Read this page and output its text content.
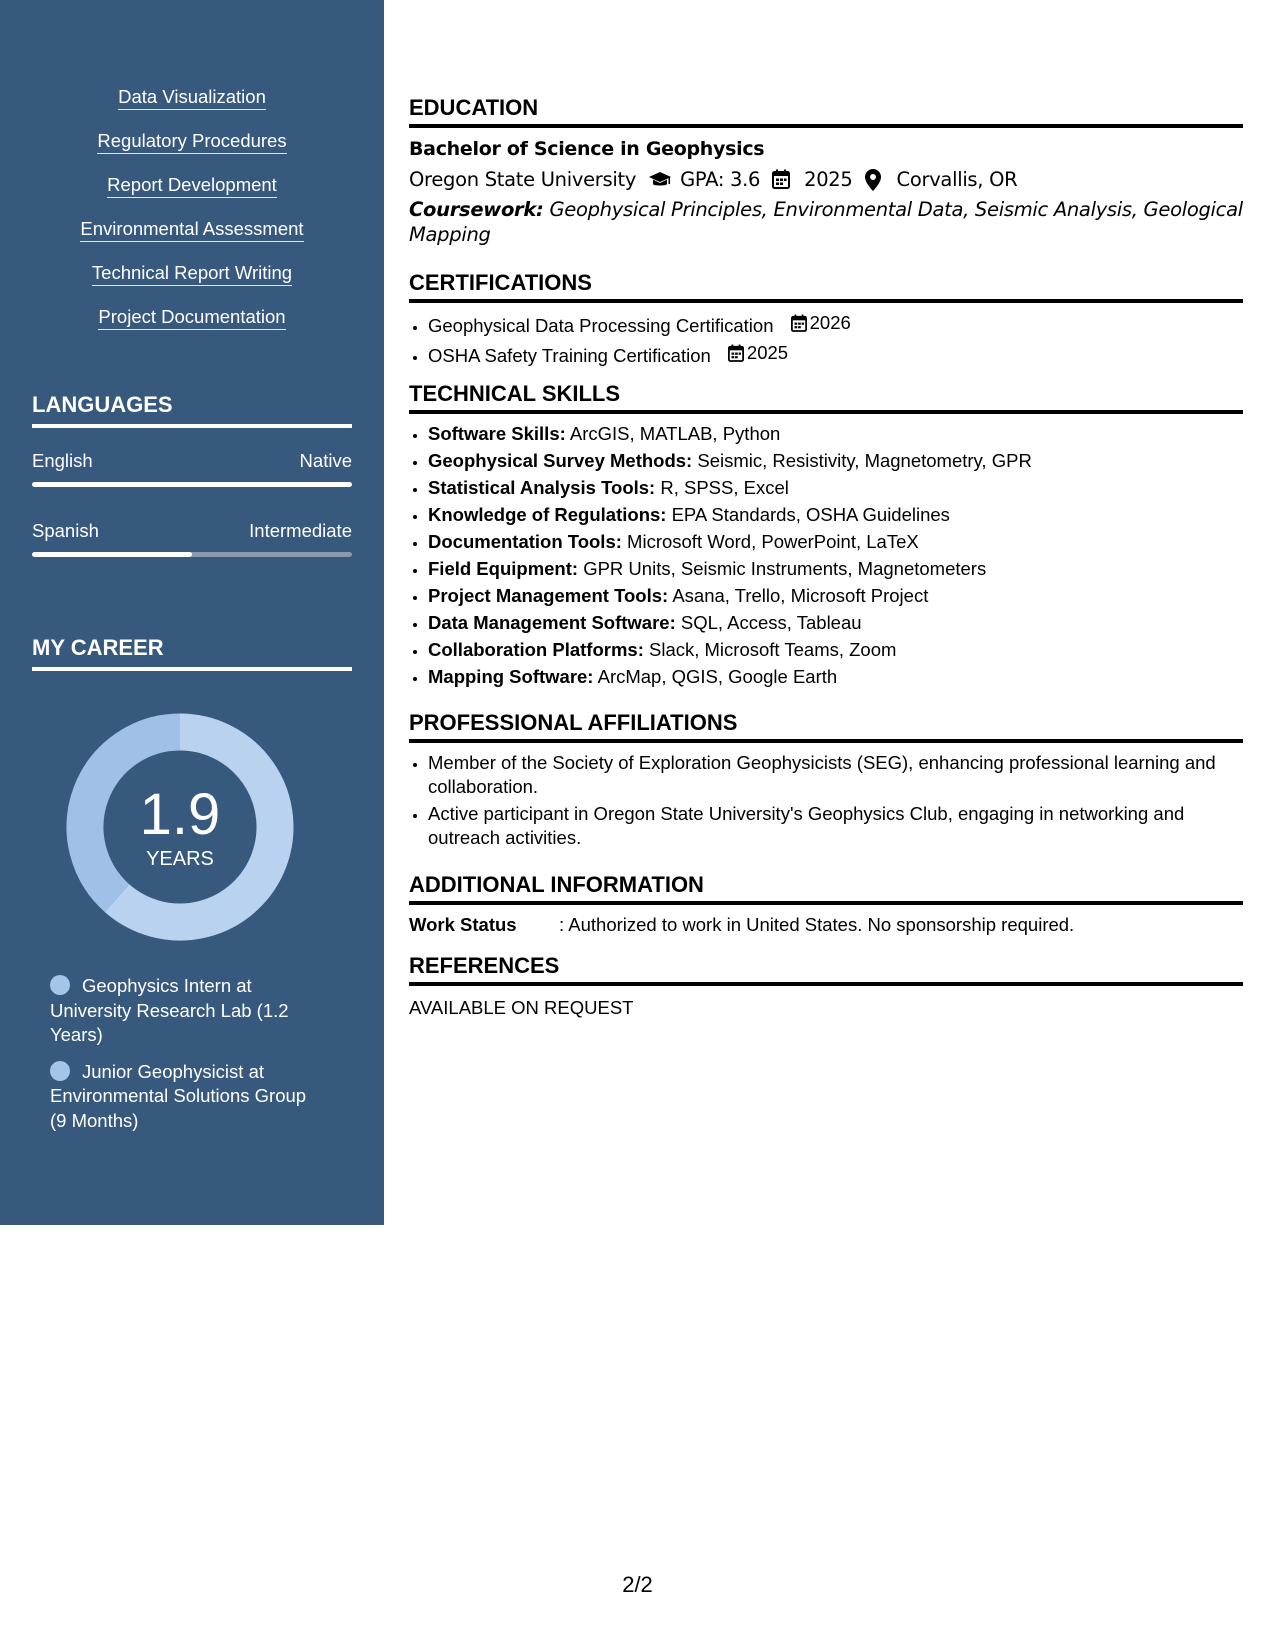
Data Visualization
Regulatory Procedures
Report Development
Environmental Assessment
Technical Report Writing
Project Documentation
LANGUAGES
English	Native
Spanish	Intermediate
MY CAREER
1.9
YEARS
Geophysics Intern at University Research Lab (1.2 Years)
Junior Geophysicist at Environmental Solutions Group (9 Months)
EDUCATION
Bachelor of Science in Geophysics
Oregon State University GPA: 3.6 2025 Corvallis, OR
Coursework: Geophysical Principles, Environmental Data, Seismic Analysis, Geological Mapping
CERTIFICATIONS
• Geophysical Data Processing Certification 2026
• OSHA Safety Training Certification 2025
TECHNICAL SKILLS
• Software Skills: ArcGIS, MATLAB, Python
• Geophysical Survey Methods: Seismic, Resistivity, Magnetometry, GPR
• Statistical Analysis Tools: R, SPSS, Excel
• Knowledge of Regulations: EPA Standards, OSHA Guidelines
• Documentation Tools: Microsoft Word, PowerPoint, LaTeX
• Field Equipment: GPR Units, Seismic Instruments, Magnetometers
• Project Management Tools: Asana, Trello, Microsoft Project
• Data Management Software: SQL, Access, Tableau
• Collaboration Platforms: Slack, Microsoft Teams, Zoom
• Mapping Software: ArcMap, QGIS, Google Earth
PROFESSIONAL AFFILIATIONS
• Member of the Society of Exploration Geophysicists (SEG), enhancing professional learning and collaboration.
• Active participant in Oregon State University's Geophysics Club, engaging in networking and outreach activities.
ADDITIONAL INFORMATION
Work Status	: Authorized to work in United States. No sponsorship required.
REFERENCES
AVAILABLE ON REQUEST
2/2
